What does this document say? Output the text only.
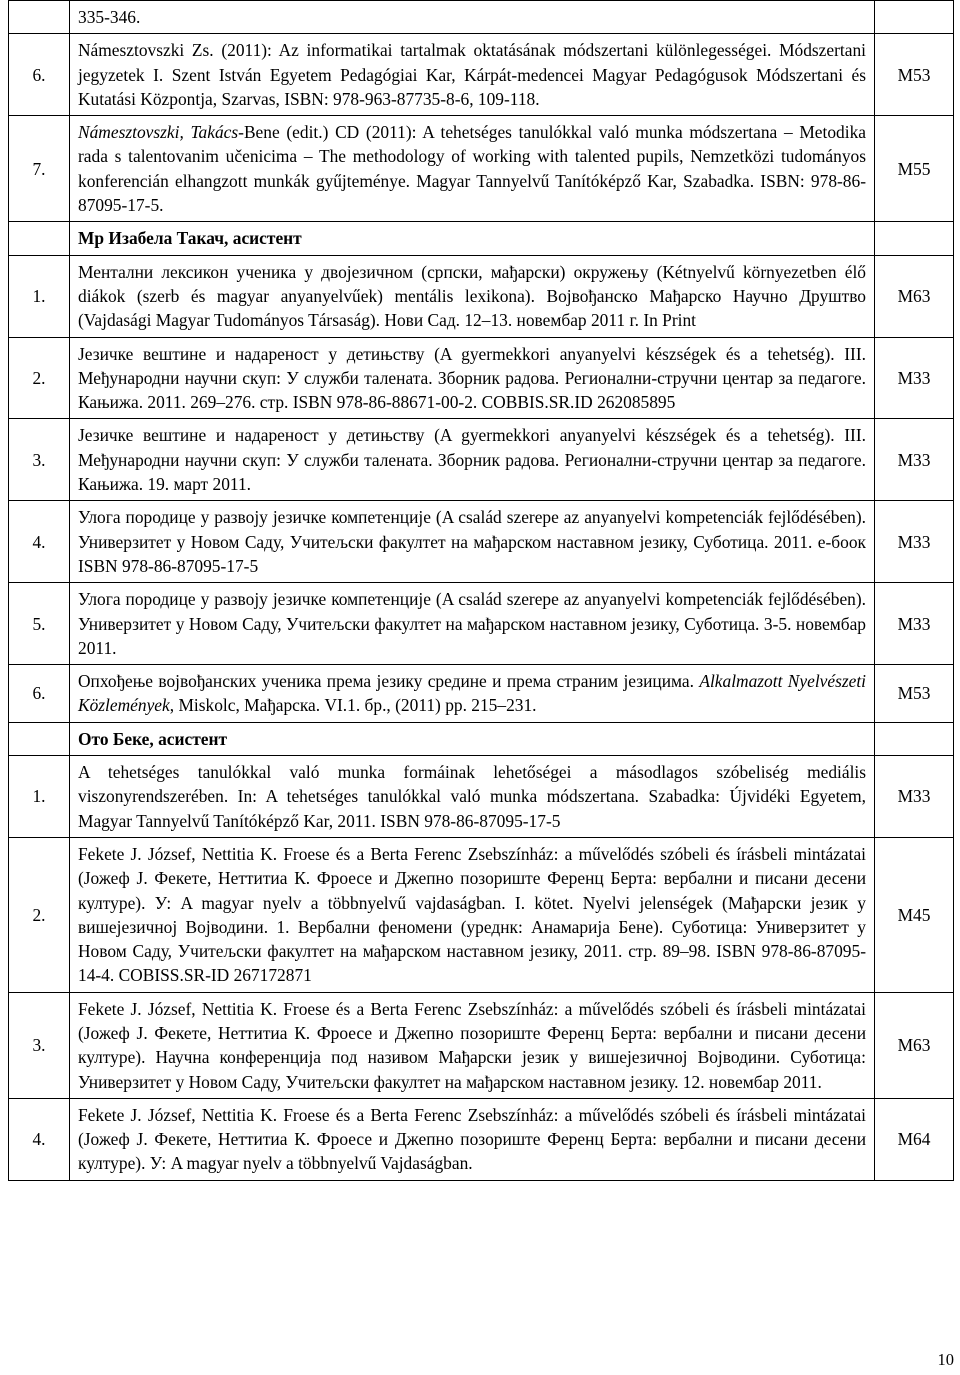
	335-346.	
6.	Námesztovszki Zs. (2011): Az informatikai tartalmak oktatásának módszertani különlegességei. Módszertani jegyzetek I. Szent István Egyetem Pedagógiai Kar, Kárpát-medencei Magyar Pedagógusok Módszertani és Kutatási Központja, Szarvas, ISBN: 978-963-87735-8-6, 109-118.	M53
7.	Námesztovszki, Takács-Bene (edit.) CD (2011): A tehetséges tanulókkal való munka módszertana – Metodika rada s talentovanim učenicima – The methodology of working with talented pupils, Nemzetközi tudományos konferencián elhangzott munkák gyűjteménye. Magyar Tannyelvű Tanítóképző Kar, Szabadka. ISBN: 978-86-87095-17-5.	M55
	Мр Изабела Такач, асистент	
1.	Ментални лексикон ученика у двојезичном (српски, мађарски) окружењу (Kétnyelvű környezetben élő diákok (szerb és magyar anyanyelvűek) mentális lexikona). Војвођанско Мађарско Научно Друштво (Vajdasági Magyar Tudományos Társaság). Нови Сад. 12–13. новембар 2011 г. In Print	M63
2.	Језичке вештине и надареност у детињству (A gyermekkori anyanyelvi készségek és a tehetség). III. Међународни научни скуп: У служби талената. Зборник радова. Регионални-стручни центар за педагоге. Кањижа. 2011. 269–276. стр. ISBN 978-86-88671-00-2. COBBIS.SR.ID 262085895	M33
3.	Језичке вештине и надареност у детињству (A gyermekkori anyanyelvi készségek és a tehetség). III. Међународни научни скуп: У служби талената. Зборник радова. Регионални-стручни центар за педагоге. Кањижа. 19. март 2011.	M33
4.	Улога породице у развоју језичке компетенције (A család szerepe az anyanyelvi kompetenciák fejlődésében). Универзитет у Новом Саду, Учитељски факултет на мађарском наставном језику, Суботица. 2011. е-боок ISBN 978-86-87095-17-5	M33
5.	Улога породице у развоју језичке компетенције (A család szerepe az anyanyelvi kompetenciák fejlődésében). Универзитет у Новом Саду, Учитељски факултет на мађарском наставном језику, Суботица. 3-5. новембар 2011.	M33
6.	Опхођење војвођанских ученика према језику средине и према страним језицима. Alkalmazott Nyelvészeti Közlemények, Miskolc, Мађарска. VI.1. бр., (2011) pp. 215–231.	M53
	Ото Беке, асистент	
1.	A tehetséges tanulókkal való munka formáinak lehetőségei a másodlagos szóbeliség mediális viszonyrendszerében. In: A tehetséges tanulókkal való munka módszertana. Szabadka: Újvidéki Egyetem, Magyar Tannyelvű Tanítóképző Kar, 2011. ISBN 978-86-87095-17-5	M33
2.	Fekete J. József, Nettitia K. Froese és a Berta Ferenc Zsebszínház: a művelődés szóbeli és írásbeli mintázatai (Јожеф Ј. Фекете, Неттитиа К. Фроесе и Джепно позориште Ференц Берта: вербални и писани десени културе). У: A magyar nyelv a többnyelvű vajdaságban. I. kötet. Nyelvi jelenségek (Мађарски језик у вишејезичној Војводини. 1. Вербални феномени (уреднк: Анамарија Бене). Суботица: Универзитет у Новом Саду, Учитељски факултет на мађарском наставном језику, 2011. стр. 89–98. ISBN 978-86-87095-14-4. COBISS.SR-ID 267172871	M45
3.	Fekete J. József, Nettitia K. Froese és a Berta Ferenc Zsebszínház: a művelődés szóbeli és írásbeli mintázatai (Јожеф Ј. Фекете, Неттитиа К. Фроесе и Джепно позориште Ференц Берта: вербални и писани десени културе). Научна конференција под називом Мађарски језик у вишејезичној Војводини. Суботица: Универзитет у Новом Саду, Учитељски факултет на мађарском наставном језику. 12. новембар 2011.	M63
4.	Fekete J. József, Nettitia K. Froese és a Berta Ferenc Zsebszínház: a művelődés szóbeli és írásbeli mintázatai (Јожеф Ј. Фекете, Неттитиа К. Фроесе и Джепно позориште Ференц Берта: вербални и писани десени културе). У: A magyar nyelv a többnyelvű Vajdaságban.	M64
10
